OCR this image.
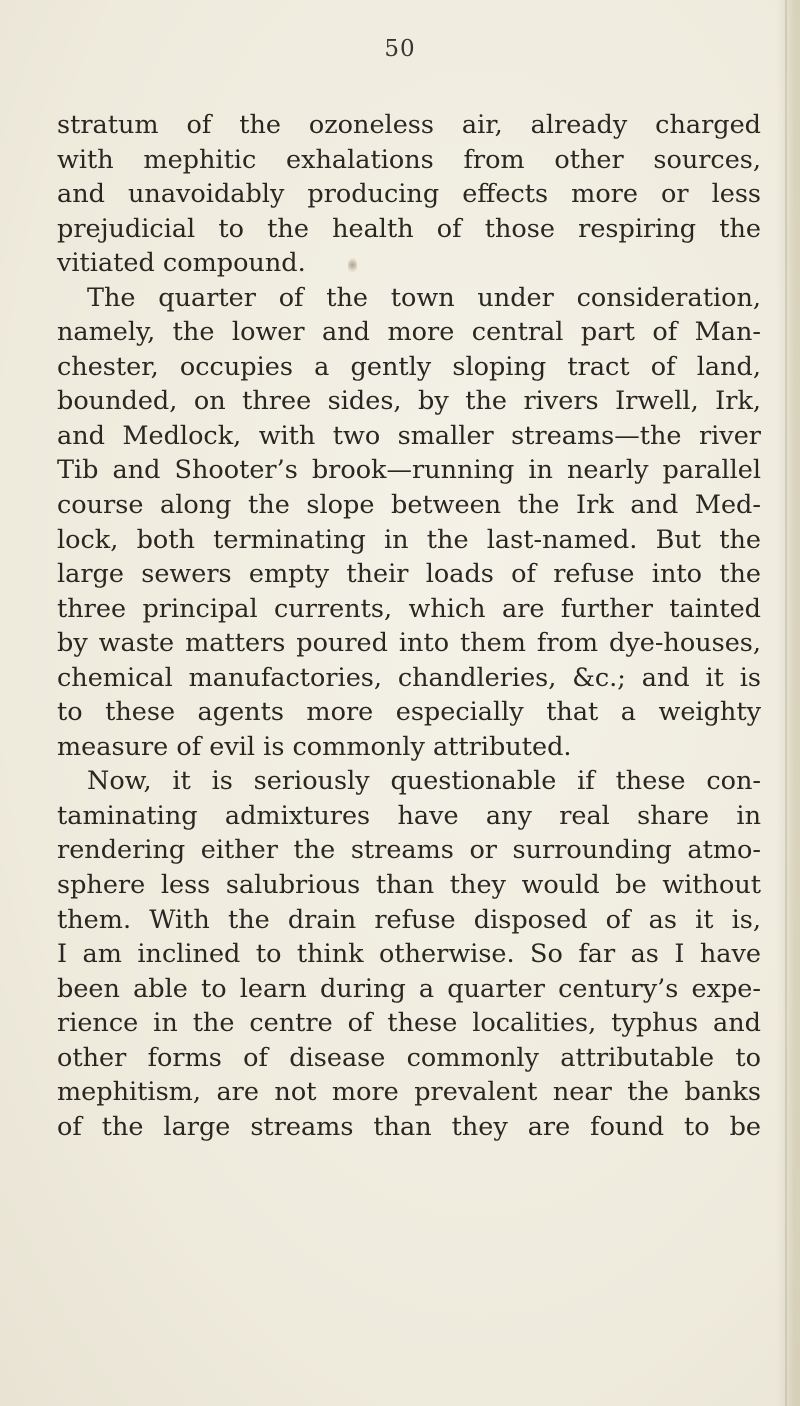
50
stratum of the ozoneless air, already charged
with mephitic exhalations from other sources,
and unavoidably producing effects more or less
prejudicial to the health of those respiring the
vitiated compound.
The quarter of the town under consideration,
namely, the lower and more central part of Man-
chester, occupies a gently sloping tract of land,
bounded, on three sides, by the rivers Irwell, Irk,
and Medlock, with two smaller streams—the river
Tib and Shooter’s brook—running in nearly parallel
course along the slope between the Irk and Med-
lock, both terminating in the last-named. But the
large sewers empty their loads of refuse into the
three principal currents, which are further tainted
by waste matters poured into them from dye-houses,
chemical manufactories, chandleries, &c.; and it is
to these agents more especially that a weighty
measure of evil is commonly attributed.
Now, it is seriously questionable if these con-
taminating admixtures have any real share in
rendering either the streams or surrounding atmo-
sphere less salubrious than they would be without
them. With the drain refuse disposed of as it is,
I am inclined to think otherwise. So far as I have
been able to learn during a quarter century’s expe-
rience in the centre of these localities, typhus and
other forms of disease commonly attributable to
mephitism, are not more prevalent near the banks
of the large streams than they are found to be
